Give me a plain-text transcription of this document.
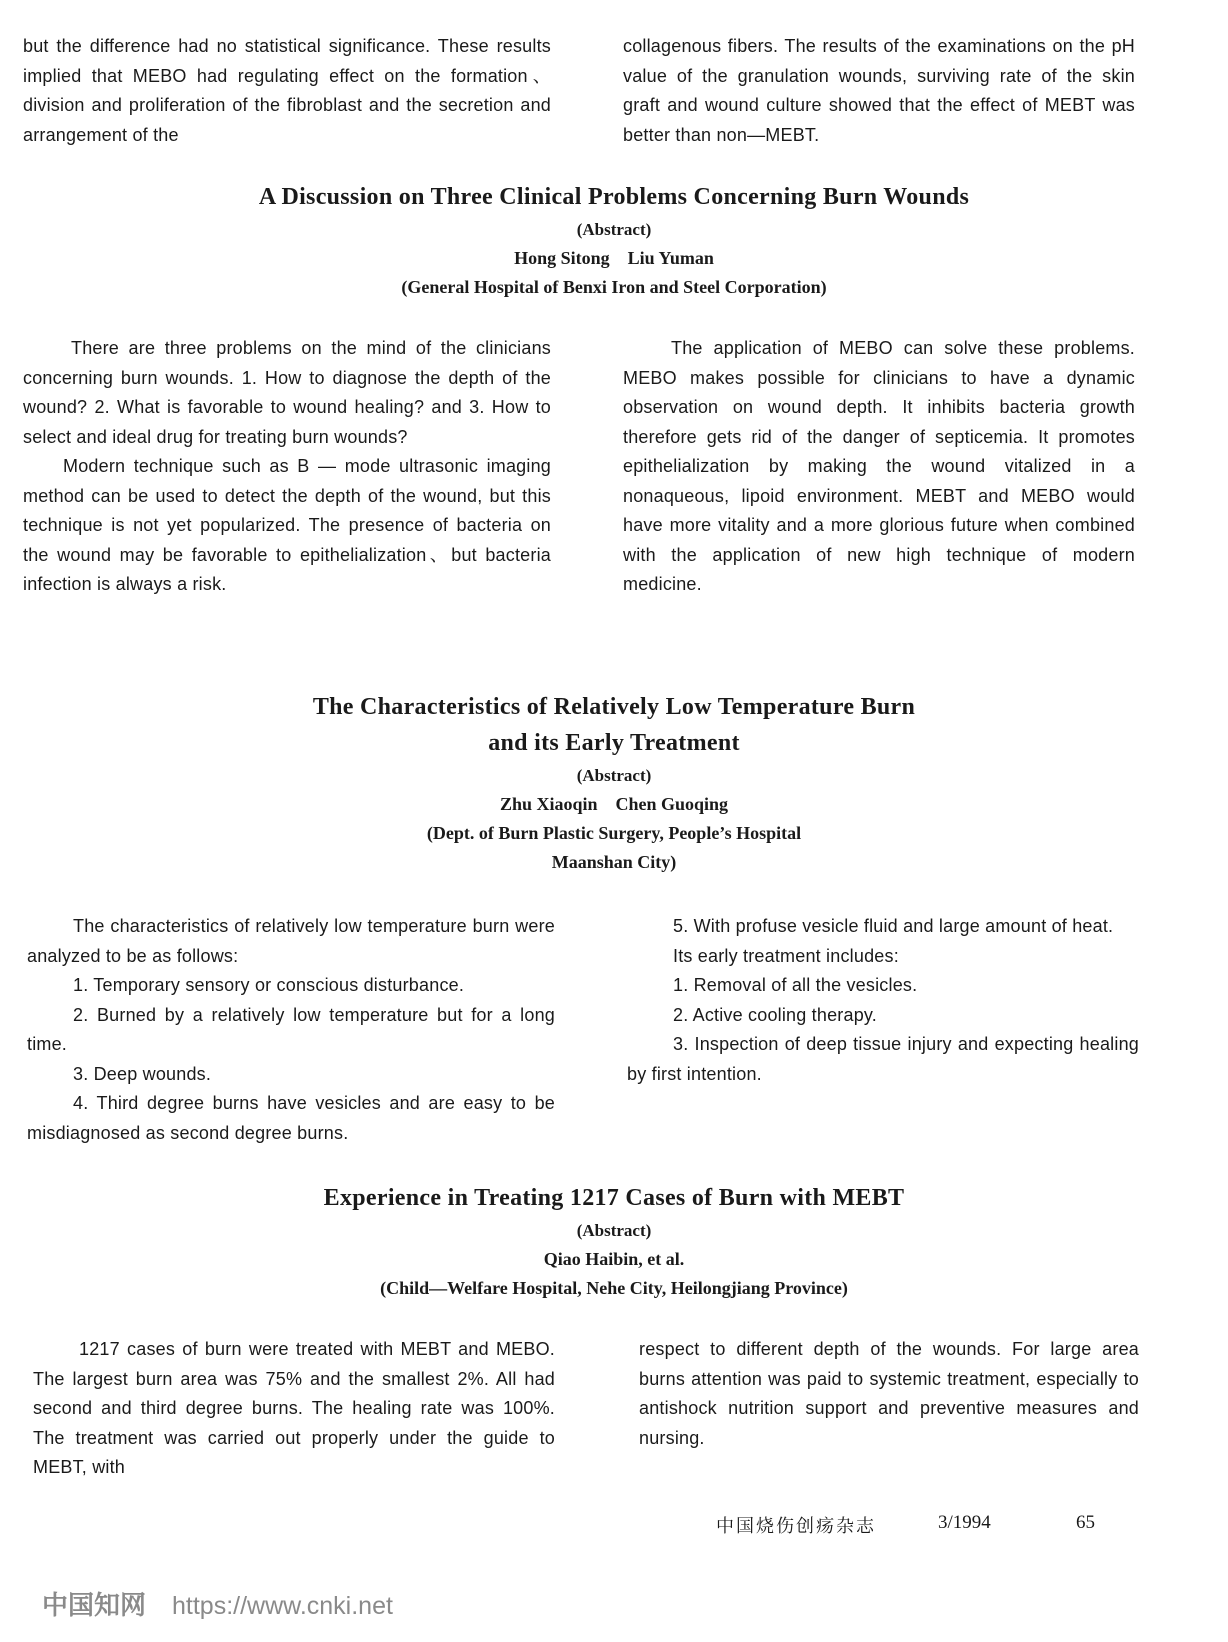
but the difference had no statistical significance. These results implied that MEBO had regulating effect on the formation、division and proliferation of the fibroblast and the secretion and arrangement of the

collagenous fibers. The results of the examinations on the pH value of the granulation wounds, surviving rate of the skin graft and wound culture showed that the effect of MEBT was better than non—MEBT.

A Discussion on Three Clinical Problems Concerning Burn Wounds

(Abstract)

Hong Sitong Liu Yuman

(General Hospital of Benxi Iron and Steel Corporation)

There are three problems on the mind of the clinicians concerning burn wounds. 1. How to diagnose the depth of the wound? 2. What is favorable to wound healing? and 3. How to select and ideal drug for treating burn wounds?

Modern technique such as B — mode ultrasonic imaging method can be used to detect the depth of the wound, but this technique is not yet popularized. The presence of bacteria on the wound may be favorable to epithelialization、but bacteria infection is always a risk.

The application of MEBO can solve these problems. MEBO makes possible for clinicians to have a dynamic observation on wound depth. It inhibits bacteria growth therefore gets rid of the danger of septicemia. It promotes epithelialization by making the wound vitalized in a nonaqueous, lipoid environment. MEBT and MEBO would have more vitality and a more glorious future when combined with the application of new high technique of modern medicine.

The Characteristics of Relatively Low Temperature Burn

and its Early Treatment

(Abstract)

Zhu Xiaoqin Chen Guoqing

(Dept. of Burn Plastic Surgery, People’s Hospital

Maanshan City)

The characteristics of relatively low temperature burn were analyzed to be as follows:

1. Temporary sensory or conscious disturbance.

2. Burned by a relatively low temperature but for a long time.

3. Deep wounds.

4. Third degree burns have vesicles and are easy to be misdiagnosed as second degree burns.

5. With profuse vesicle fluid and large amount of heat.

Its early treatment includes:

1. Removal of all the vesicles.

2. Active cooling therapy.

3. Inspection of deep tissue injury and expecting healing by first intention.

Experience in Treating 1217 Cases of Burn with MEBT

(Abstract)

Qiao Haibin, et al.

(Child—Welfare Hospital, Nehe City, Heilongjiang Province)

1217 cases of burn were treated with MEBT and MEBO. The largest burn area was 75% and the smallest 2%. All had second and third degree burns. The healing rate was 100%. The treatment was carried out properly under the guide to MEBT, with

respect to different depth of the wounds. For large area burns attention was paid to systemic treatment, especially to antishock nutrition support and preventive measures and nursing.

中国烧伤创疡杂志	3/1994	65
中国知网 https://www.cnki.net
